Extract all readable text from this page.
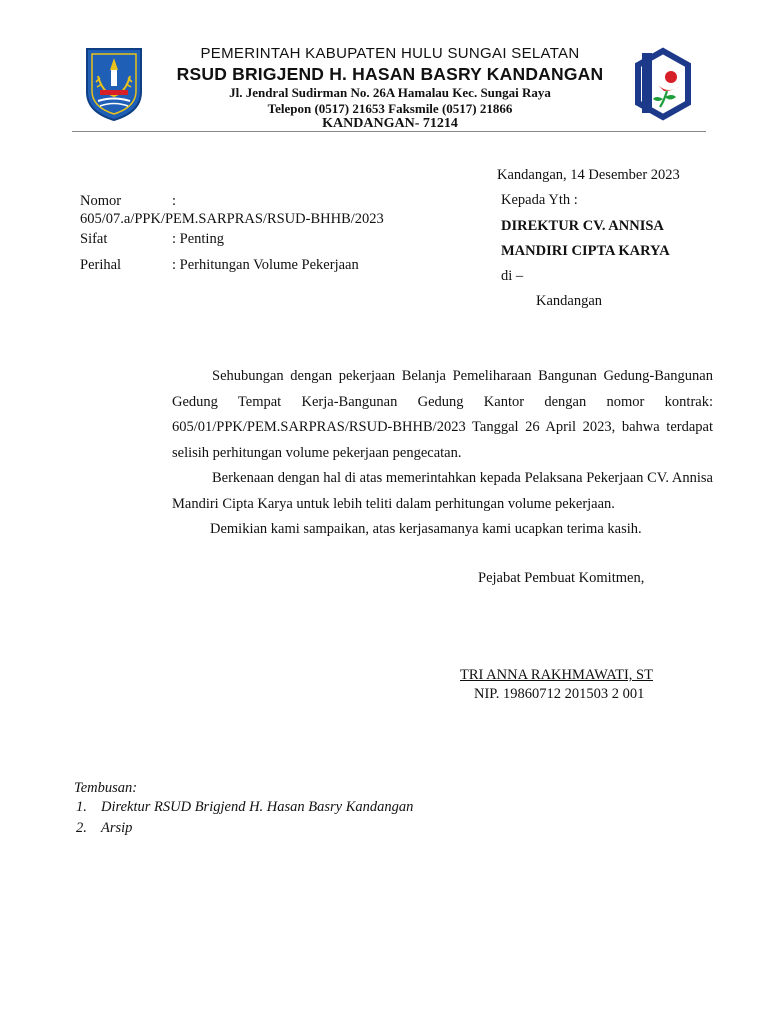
PEMERINTAH KABUPATEN HULU SUNGAI SELATAN
RSUD BRIGJEND H. HASAN BASRY KANDANGAN
Jl. Jendral Sudirman No. 26A Hamalau Kec. Sungai Raya
Telepon (0517) 21653 Faksmile (0517) 21866
KANDANGAN- 71214
Kandangan, 14 Desember 2023
Nomor	:
605/07.a/PPK/PEM.SARPRAS/RSUD-BHHB/2023
Sifat	: Penting
Perihal	: Perhitungan Volume Pekerjaan
Kepada Yth :
DIREKTUR CV. ANNISA
MANDIRI CIPTA KARYA
di –
Kandangan

Sehubungan dengan pekerjaan Belanja Pemeliharaan Bangunan Gedung-Bangunan Gedung Tempat Kerja-Bangunan Gedung Kantor dengan nomor kontrak: 605/01/PPK/PEM.SARPRAS/RSUD-BHHB/2023 Tanggal 26 April 2023, bahwa terdapat selisih perhitungan volume pekerjaan pengecatan.

Berkenaan dengan hal di atas memerintahkan kepada Pelaksana Pekerjaan CV. Annisa Mandiri Cipta Karya untuk lebih teliti dalam perhitungan volume pekerjaan.

Demikian kami sampaikan, atas kerjasamanya kami ucapkan terima kasih.

Pejabat Pembuat Komitmen,
TRI ANNA RAKHMAWATI, ST
NIP. 19860712 201503 2 001
Tembusan:
1. Direktur RSUD Brigjend H. Hasan Basry Kandangan
2. Arsip
